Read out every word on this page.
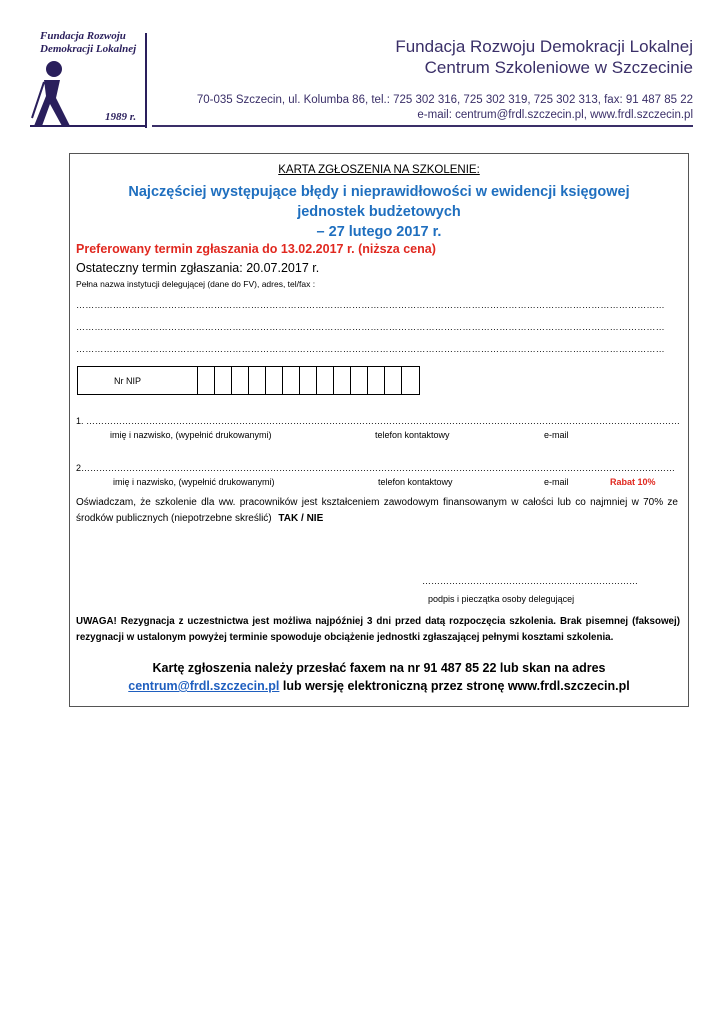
Fundacja Rozwoju
Demokracji Lokalnej
1989 r.
Fundacja Rozwoju Demokracji Lokalnej
Centrum Szkoleniowe w Szczecinie
70-035 Szczecin, ul. Kolumba 86, tel.: 725 302 316, 725 302 319, 725 302 313, fax: 91 487 85 22
e-mail: centrum@frdl.szczecin.pl, www.frdl.szczecin.pl
KARTA ZGŁOSZENIA NA SZKOLENIE:
Najczęściej występujące błędy i nieprawidłowości w ewidencji księgowej
jednostek budżetowych
– 27 lutego 2017 r.
Preferowany termin zgłaszania do 13.02.2017 r. (niższa cena)
Ostateczny termin zgłaszania: 20.07.2017 r.
Pełna nazwa instytucji delegującej (dane do FV), adres, tel/fax :
…………………………………………………………………………………………………………………………………………………………………………
…………………………………………………………………………………………………………………………………………………………………………
…………………………………………………………………………………………………………………………………………………………………………
Nr NIP
1. ………………………………………………………………………………………………………………………………………………………………………………
imię i nazwisko, (wypełnić drukowanymi)	telefon kontaktowy	e-mail
2………………………………………………………………………………………………………………………………………………………………………………
imię i nazwisko, (wypełnić drukowanymi)	telefon kontaktowy	e-mail	Rabat 10%
Oświadczam, że szkolenie dla ww. pracowników jest kształceniem zawodowym finansowanym w całości lub co najmniej w 70% ze środków publicznych (niepotrzebne skreślić) TAK / NIE
………………………………………………………………
podpis i pieczątka osoby delegującej
UWAGA! Rezygnacja z uczestnictwa jest możliwa najpóźniej 3 dni przed datą rozpoczęcia szkolenia. Brak pisemnej (faksowej) rezygnacji w ustalonym powyżej terminie spowoduje obciążenie jednostki zgłaszającej pełnymi kosztami szkolenia.
Kartę zgłoszenia należy przesłać faxem na nr 91 487 85 22 lub skan na adres
centrum@frdl.szczecin.pl lub wersję elektroniczną przez stronę www.frdl.szczecin.pl
